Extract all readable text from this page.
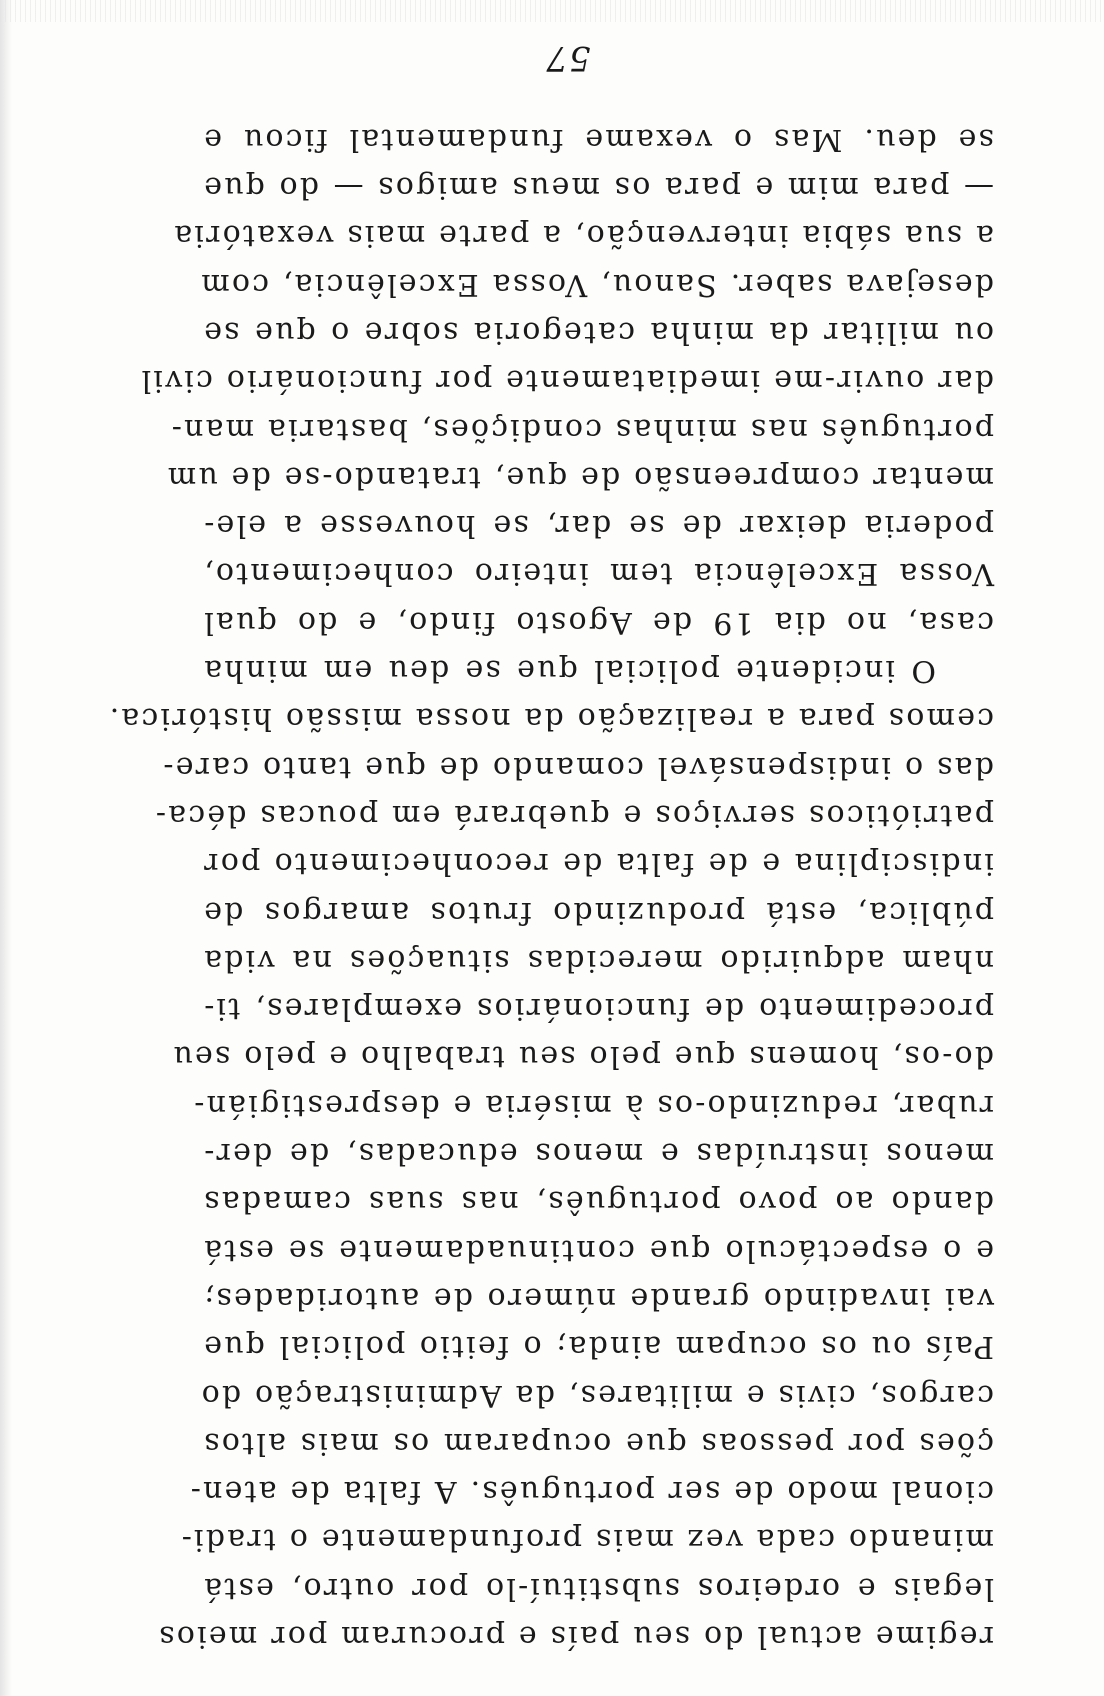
regime actual do seu país e procuram por meios
legais e ordeiros substituí-lo por outro, está
minando cada vez mais profundamente o tradi-
cional modo de ser português. A falta de aten-
ções por pessoas que ocuparam os mais altos
cargos, civis e militares, da Administração do
País ou os ocupam ainda; o feitio policial que
vai invadindo grande número de autoridades;
e o espectáculo que continuadamente se está
dando ao povo português, nas suas camadas
menos instruídas e menos educadas, de der-
rubar, reduzindo-os à miséria e desprestigián-
do-os, homens que pelo seu trabalho e pelo seu
procedimento de funcionários exemplares, ti-
nham adquirido merecidas situações na vida
pública, está produzindo frutos amargos de
indisciplina e de falta de reconhecimento por
patrióticos serviços e quebrará em poucas déca-
das o indispensável comando de que tanto care-
cemos para a realização da nossa missão histórica.
O incidente policial que se deu em minha
casa, no dia 19 de Agosto findo, e do qual
Vossa Excelência tem inteiro conhecimento,
poderia deixar de se dar, se houvesse a ele-
mentar compreensão de que, tratando-se de um
português nas minhas condições, bastaria man-
dar ouvir-me imediatamente por funcionário civil
ou militar da minha categoria sobre o que se
desejava saber. Sanou, Vossa Excelência, com
a sua sábia intervenção, a parte mais vexatória
— para mim e para os meus amigos — do que
se deu. Mas o vexame fundamental ficou e
57
